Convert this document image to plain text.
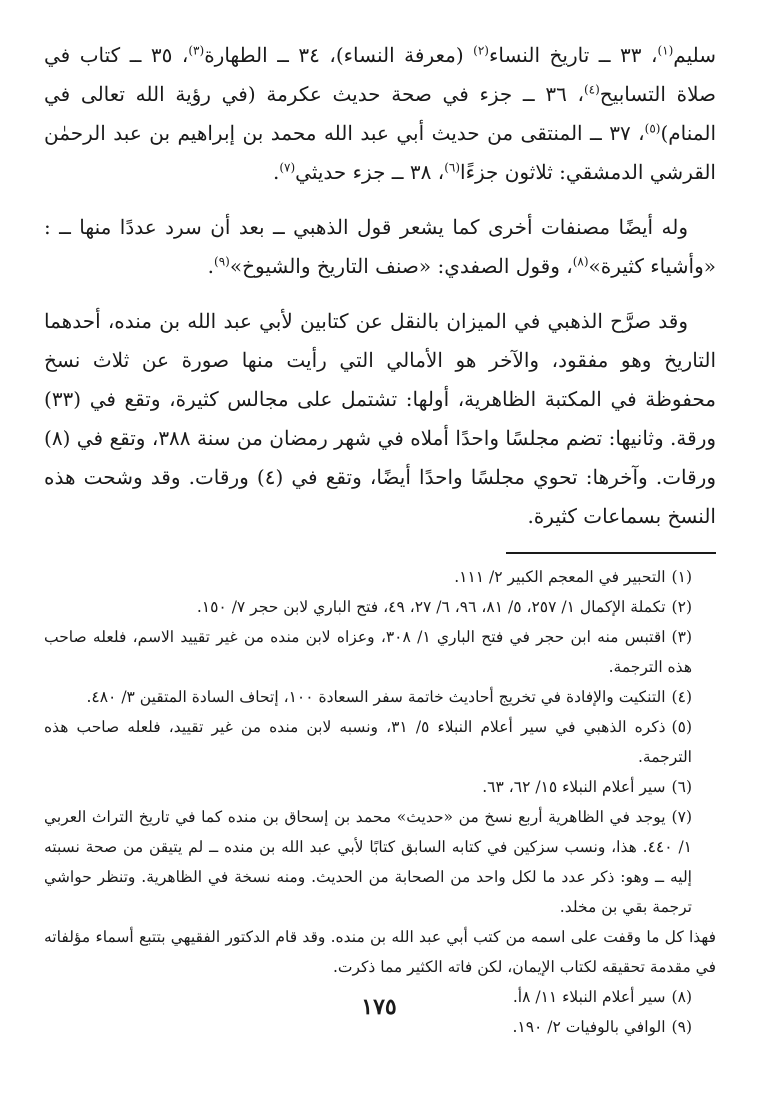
سليم$^{(١)}$، ٣٣ ــ تاريخ النساء$^{(٢)}$ (معرفة النساء)، ٣٤ ــ الطهارة$^{(٣)}$، ٣٥ ــ كتاب في صلاة التسابيح$^{(٤)}$، ٣٦ ــ جزء في صحة حديث عكرمة (في رؤية الله تعالى في المنام)$^{(٥)}$، ٣٧ ــ المنتقى من حديث أبي عبد الله محمد بن إبراهيم بن عبد الرحمٰن القرشي الدمشقي: ثلاثون جزءًا$^{(٦)}$، ٣٨ ــ جزء حديثي$^{(٧)}$.

وله أيضًا مصنفات أخرى كما يشعر قول الذهبي ــ بعد أن سرد عددًا منها ــ : «وأشياء كثيرة»$^{(٨)}$، وقول الصفدي: «صنف التاريخ والشيوخ»$^{(٩)}$.

وقد صرَّح الذهبي في الميزان بالنقل عن كتابين لأبي عبد الله بن منده، أحدهما التاريخ وهو مفقود، والآخر هو الأمالي التي رأيت منها صورة عن ثلاث نسخ محفوظة في المكتبة الظاهرية، أولها: تشتمل على مجالس كثيرة، وتقع في (٣٣) ورقة. وثانيها: تضم مجلسًا واحدًا أملاه في شهر رمضان من سنة ٣٨٨، وتقع في (٨) ورقات. وآخرها: تحوي مجلسًا واحدًا أيضًا، وتقع في (٤) ورقات. وقد وشحت هذه النسخ بسماعات كثيرة.

(١)التحبير في المعجم الكبير ٢/ ١١١.

(٢)تكملة الإكمال ١/ ٢٥٧، ٥/ ٨١، ٩٦، ٦/ ٢٧، ٤٩، فتح الباري لابن حجر ٧/ ١٥٠.

(٣)اقتبس منه ابن حجر في فتح الباري ١/ ٣٠٨، وعزاه لابن منده من غير تقييد الاسم، فلعله صاحب هذه الترجمة.

(٤)التنكيت والإفادة في تخريج أحاديث خاتمة سفر السعادة ١٠٠، إتحاف السادة المتقين ٣/ ٤٨٠.

(٥)ذكره الذهبي في سير أعلام النبلاء ٥/ ٣١، ونسبه لابن منده من غير تقييد، فلعله صاحب هذه الترجمة.

(٦)سير أعلام النبلاء ١٥/ ٦٢، ٦٣.

(٧)يوجد في الظاهرية أربع نسخ من «حديث» محمد بن إسحاق بن منده كما في تاريخ التراث العربي ١/ ٤٤٠. هذا، ونسب سزكين في كتابه السابق كتابًا لأبي عبد الله بن منده ــ لم يتيقن من صحة نسبته إليه ــ وهو: ذكر عدد ما لكل واحد من الصحابة من الحديث. ومنه نسخة في الظاهرية. وتنظر حواشي ترجمة بقي بن مخلد.

فهذا كل ما وقفت على اسمه من كتب أبي عبد الله بن منده. وقد قام الدكتور الفقيهي بتتبع أسماء مؤلفاته في مقدمة تحقيقه لكتاب الإيمان، لكن فاته الكثير مما ذكرت.

(٨)سير أعلام النبلاء ١١/ ٨أ.

(٩)الوافي بالوفيات ٢/ ١٩٠.

١٧٥
